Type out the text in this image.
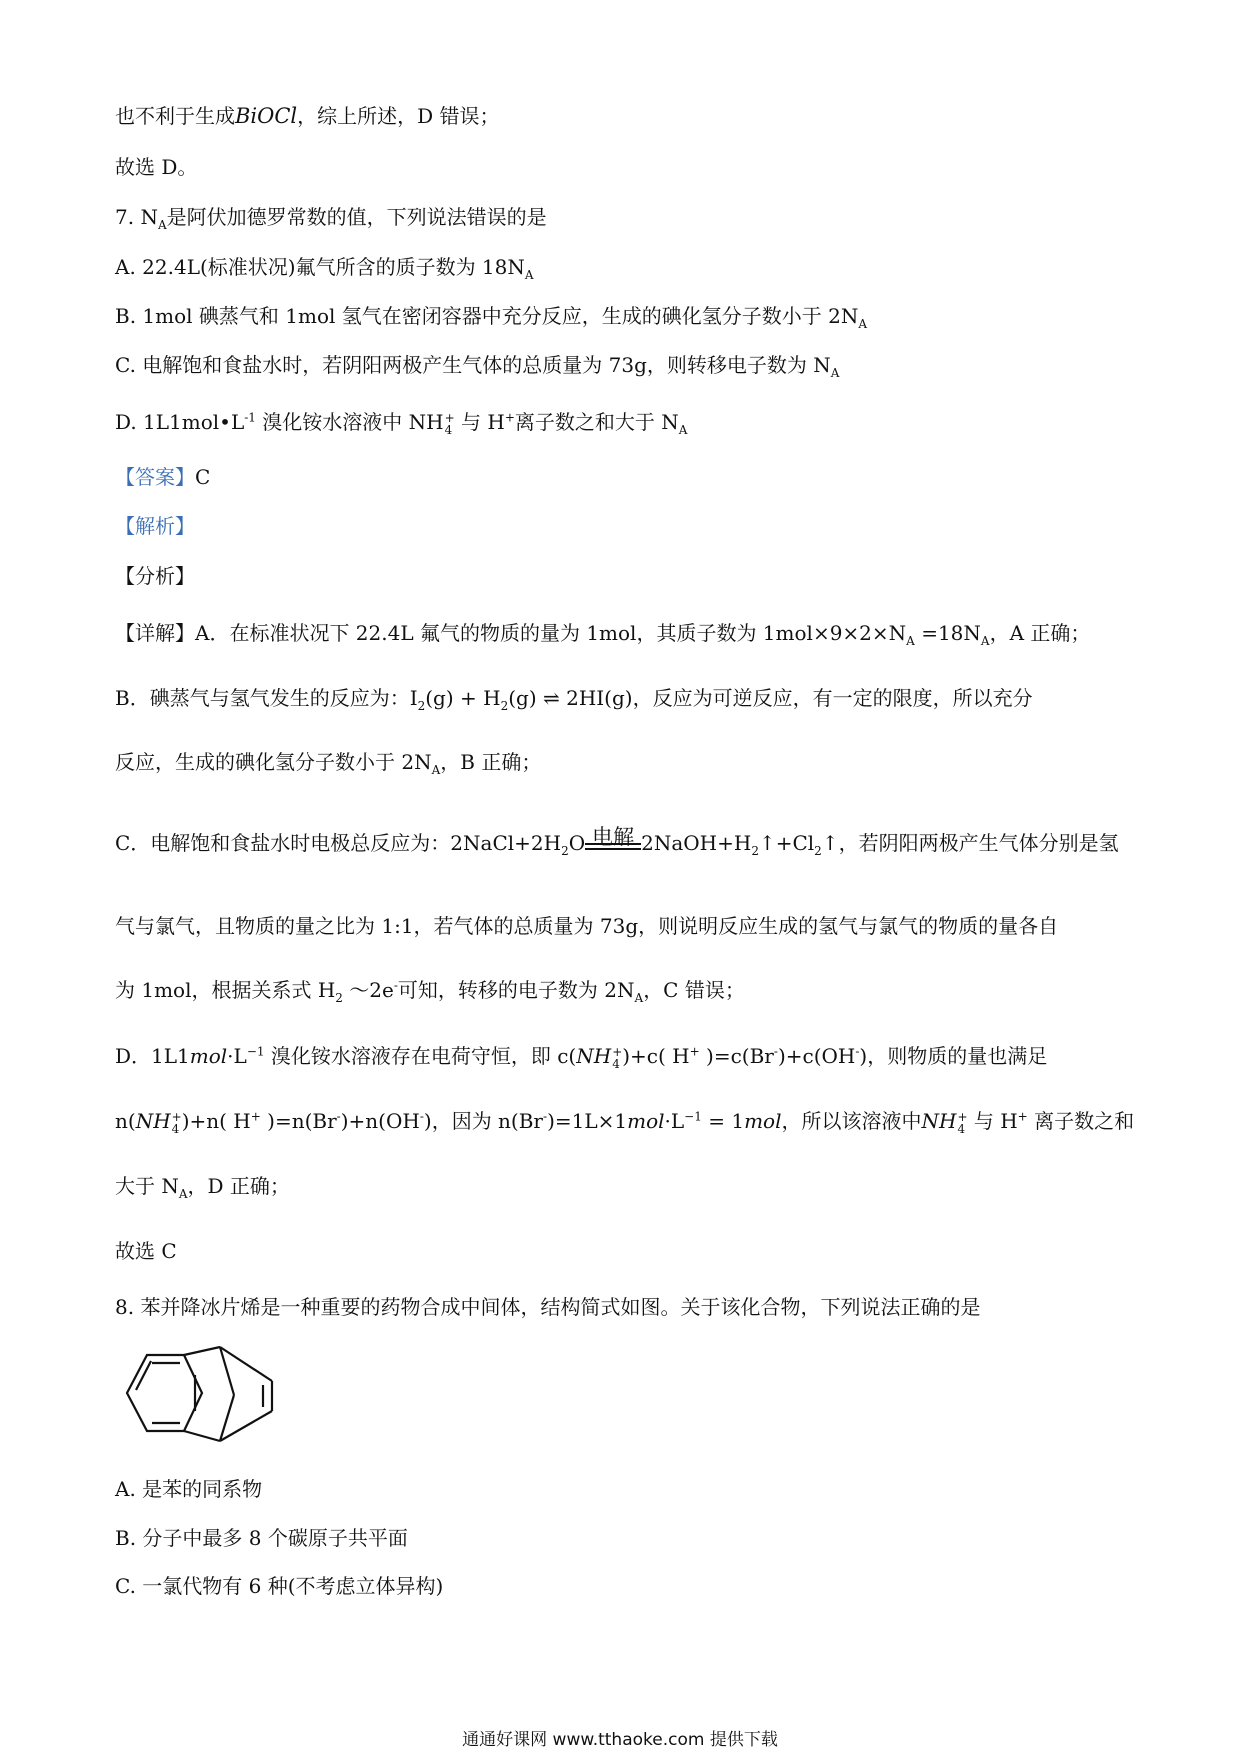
也不利于生成BiOCl，综上所述，D 错误；
故选 D。
7. $N_A$是阿伏加德罗常数的值，下列说法错误的是
A. 22.4L(标准状况)氟气所含的质子数为 $18N_A$
B. 1mol 碘蒸气和 1mol 氢气在密闭容器中充分反应，生成的碘化氢分子数小于 $2N_A$
C. 电解饱和食盐水时，若阴阳两极产生气体的总质量为 73g，则转移电子数为 $N_A$
D. $1L1mol•L^{-1}$ 溴化铵水溶液中 NH +
4 与 H+离子数之和大于 $N_A$
【答案】C
【解析】
【分析】
【详解】A．在标准状况下 22.4L 氟气的物质的量为 1mol，其质子数为 $1mol\times 9\times 2\times N_A =18N_A$，A 正确；
B．碘蒸气与氢气发生的反应为：$I_2(g) + H_2(g)$ ⇌ 2HI(g)，反应为可逆反应，有一定的限度，所以充分
反应，生成的碘化氢分子数小于 $2N_A$，B 正确；
C．电解饱和食盐水时电极总反应为：$2NaCl+2H_2O$ 电解 $2NaOH+H_2↑+Cl_2↑$，若阴阳两极产生气体分别是氢
气与氯气，且物质的量之比为 1:1，若气体的总质量为 73g，则说明反应生成的氢气与氯气的物质的量各自
为 1mol，根据关系式 $H_2$ ～2e-可知，转移的电子数为 $2N_A$，C 错误；
D．$1L1mol\cdot L^{-1}$ 溴化铵水溶液存在电荷守恒，即 c(NH +
4 )+c( H+ )=c(Br-)+c(OH-)，则物质的量也满足
n(NH +
4 )+n( H+ )=n(Br-)+n(OH-)，因为 $n(Br^-)=1L\times 1mol\cdot L^{-1} = 1mol$，所以该溶液中NH +
4 与 H+ 离子数之和
大于 $N_A$，D 正确；
故选 C
8. 苯并降冰片烯是一种重要的药物合成中间体，结构简式如图。关于该化合物，下列说法正确的是
A. 是苯的同系物
B. 分子中最多 8 个碳原子共平面
C. 一氯代物有 6 种(不考虑立体异构)
通通好课网 www.tthaoke.com 提供下载
